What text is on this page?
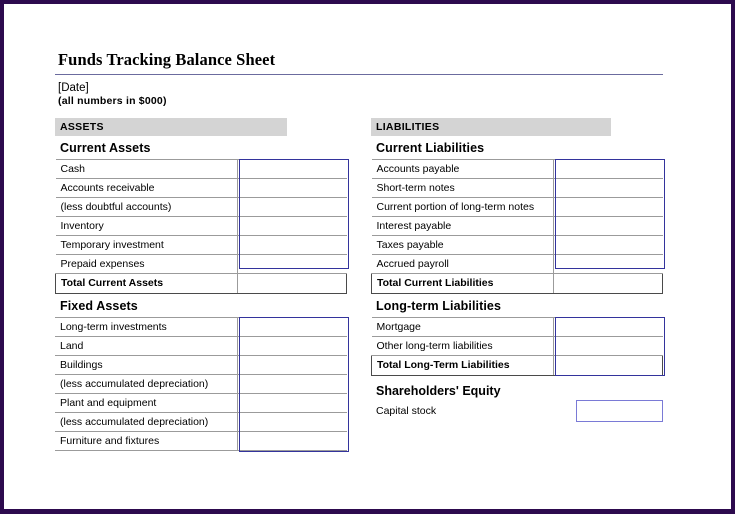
Funds Tracking Balance Sheet
[Date]
(all numbers in $000)
ASSETS
Current Assets
Cash	
Accounts receivable	
(less doubtful accounts)	
Inventory	
Temporary investment	
Prepaid expenses	
Total Current Assets	
Fixed Assets
Long-term investments	
Land	
Buildings	
(less accumulated depreciation)	
Plant and equipment	
(less accumulated depreciation)	
Furniture and fixtures	
LIABILITIES
Current Liabilities
Accounts payable	
Short-term notes	
Current portion of long-term notes	
Interest payable	
Taxes payable	
Accrued payroll	
Total Current Liabilities	
Long-term Liabilities
Mortgage	
Other long-term liabilities	
Total Long-Term Liabilities	
Shareholders' Equity
Capital stock
